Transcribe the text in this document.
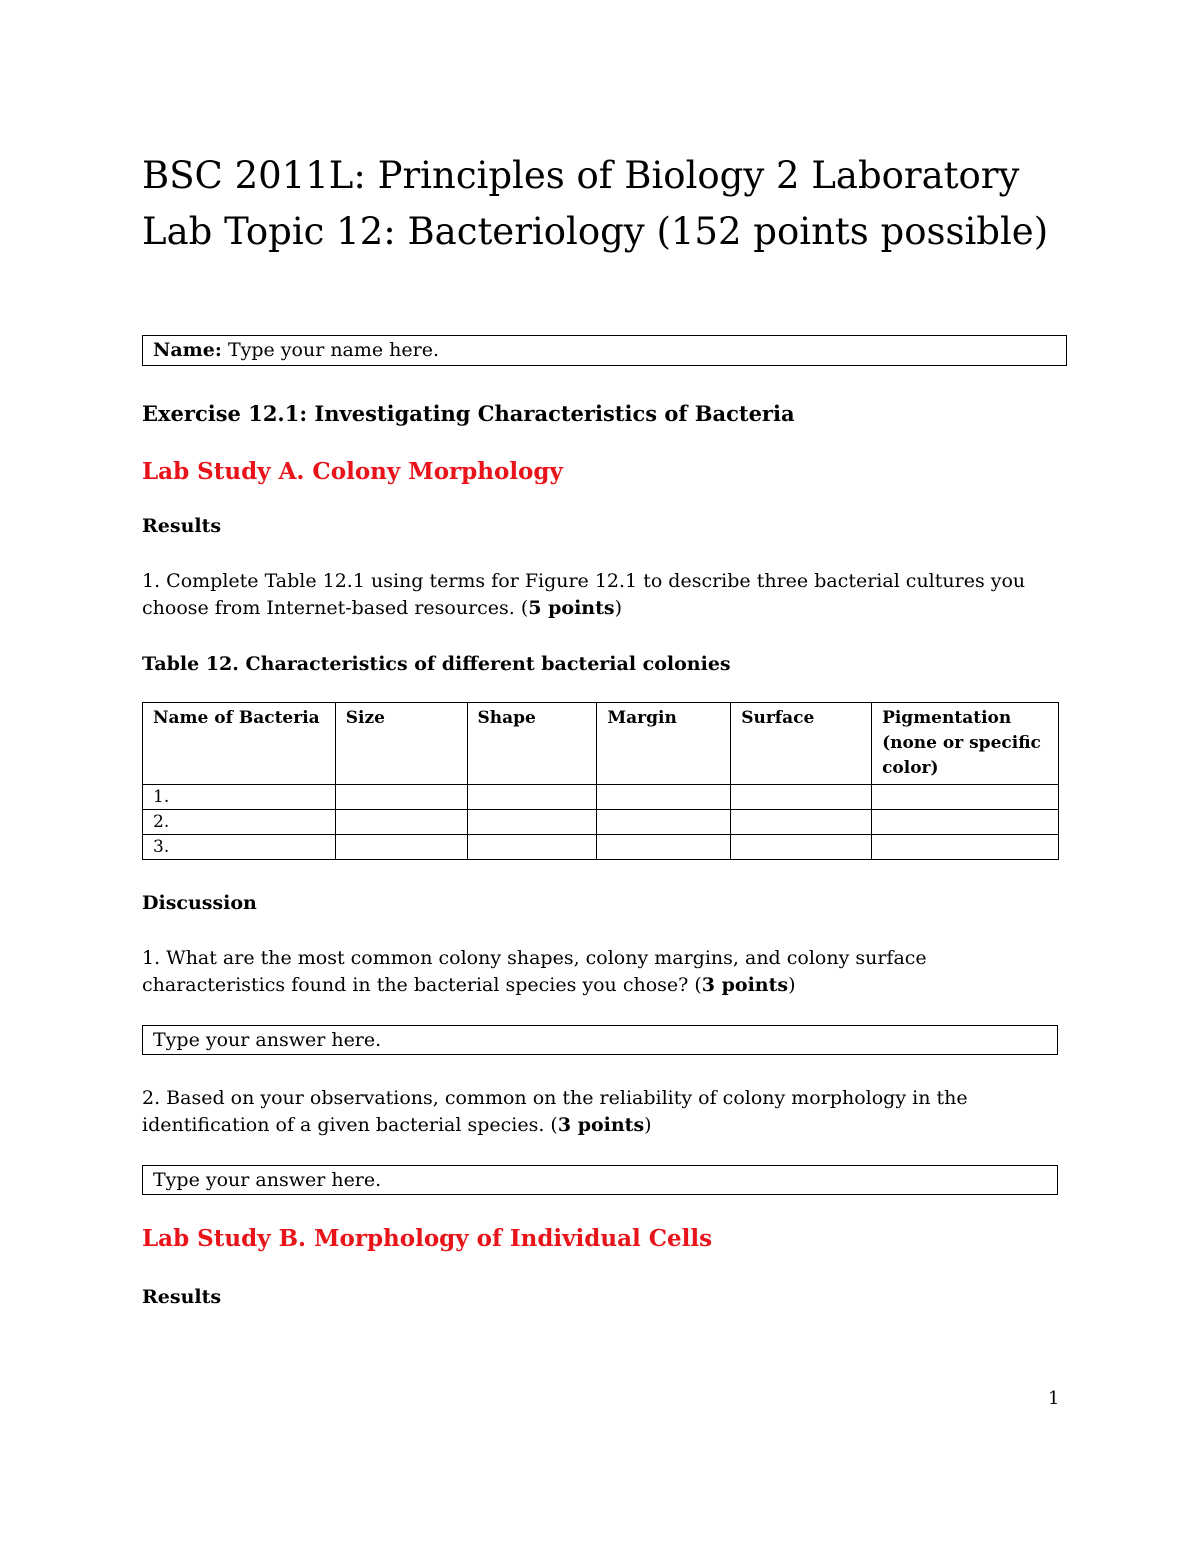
BSC 2011L: Principles of Biology 2 Laboratory
Lab Topic 12: Bacteriology (152 points possible)
Name: Type your name here.
Exercise 12.1: Investigating Characteristics of Bacteria
Lab Study A. Colony Morphology
Results

1. Complete Table 12.1 using terms for Figure 12.1 to describe three bacterial cultures you choose from Internet-based resources. (5 points)

Table 12. Characteristics of different bacterial colonies
Name of Bacteria	Size	Shape	Margin	Surface	Pigmentation (none or specific color)
1.					
2.					
3.					
Discussion

1. What are the most common colony shapes, colony margins, and colony surface characteristics found in the bacterial species you chose? (3 points)

Type your answer here.

2. Based on your observations, common on the reliability of colony morphology in the identification of a given bacterial species. (3 points)

Type your answer here.
Lab Study B. Morphology of Individual Cells
Results
1
